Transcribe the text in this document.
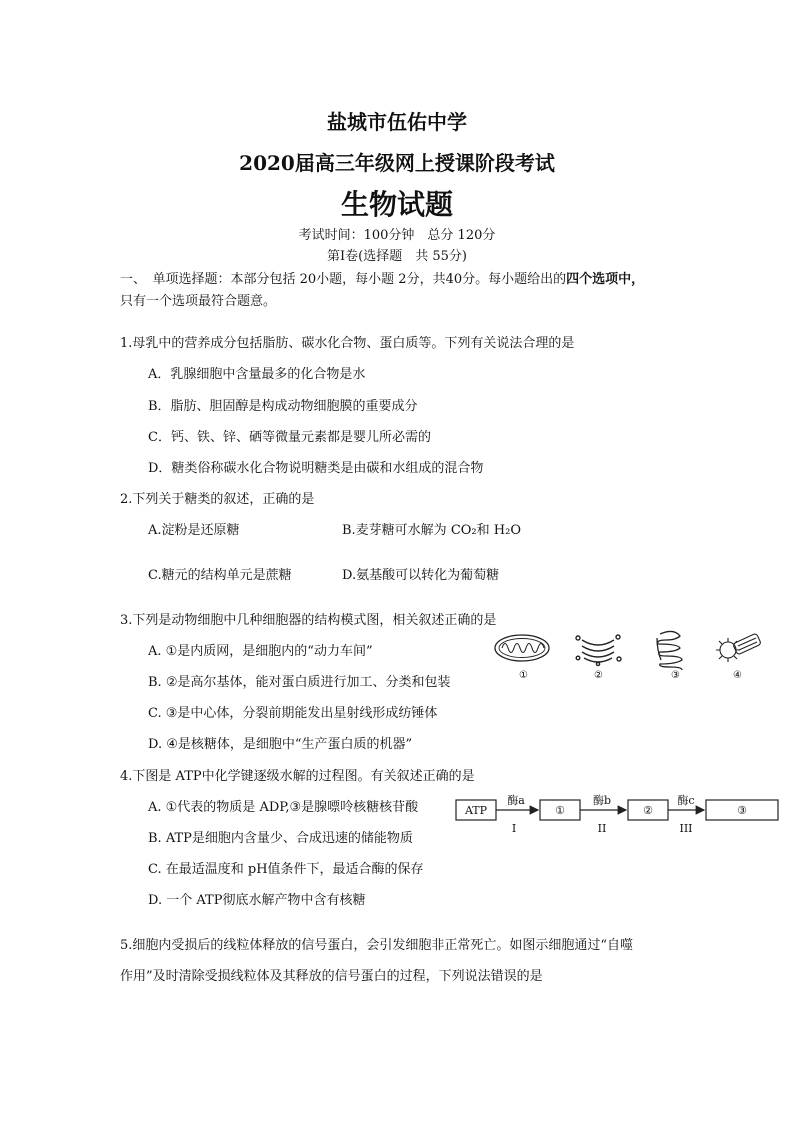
盐城市伍佑中学
2020届高三年级网上授课阶段考试
生物试题
考试时间：100分钟　总分 120分
第Ⅰ卷(选择题　共 55分)
一、　单项选择题：本部分包括 20小题，每小题 2分，共40分。每小题给出的四个选项中，
只有一个选项最符合题意。
1.母乳中的营养成分包括脂肪、碳水化合物、蛋白质等。下列有关说法合理的是
A．乳腺细胞中含量最多的化合物是水
B．脂肪、胆固醇是构成动物细胞膜的重要成分
C．钙、铁、锌、硒等微量元素都是婴儿所必需的
D．糖类俗称碳水化合物说明糖类是由碳和水组成的混合物
2.下列关于糖类的叙述，正确的是
A.淀粉是还原糖	B.麦芽糖可水解为 CO₂和 H₂O
C.糖元的结构单元是蔗糖	D.氨基酸可以转化为葡萄糖
3.下列是动物细胞中几种细胞器的结构模式图，相关叙述正确的是
A. ①是内质网，是细胞内的“动力车间”
B. ②是高尔基体，能对蛋白质进行加工、分类和包装
C. ③是中心体，分裂前期能发出星射线形成纺锤体
D. ④是核糖体，是细胞中“生产蛋白质的机器”
①	②	③	④
4.下图是 ATP中化学键逐级水解的过程图。有关叙述正确的是
A. ①代表的物质是 ADP,③是腺嘌呤核糖核苷酸
B. ATP是细胞内含量少、合成迅速的储能物质
C. 在最适温度和 pH值条件下，最适合酶的保存
D. 一个 ATP彻底水解产物中含有核糖
ATP	①	②	③
酶a	酶b	酶c
I	II	III
5.细胞内受损后的线粒体释放的信号蛋白，会引发细胞非正常死亡。如图示细胞通过“自噬
作用”及时清除受损线粒体及其释放的信号蛋白的过程，下列说法错误的是
